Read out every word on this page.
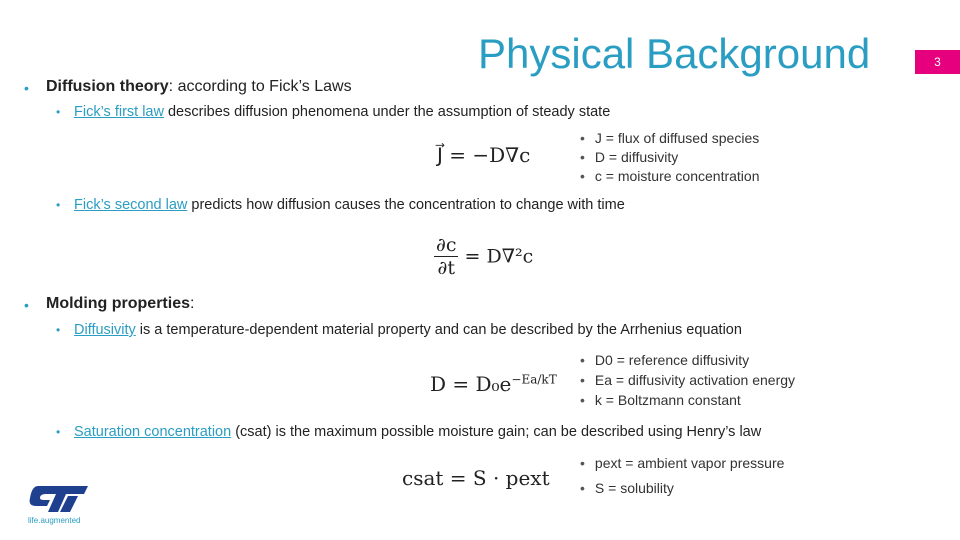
Physical Background	3
• Diffusion theory: according to Fick’s Laws
• Fick’s first law describes diffusion phenomena under the assumption of steady state
J⃗ = −D∇c
• J = flux of diffused species
• D = diffusivity
• c = moisture concentration
• Fick’s second law predicts how diffusion causes the concentration to change with time
$\frac{\partial c}{\partial t} = D\nabla^2c$
• Molding properties:
• Diffusivity is a temperature-dependent material property and can be described by the Arrhenius equation
$D = D_0e^{-Ea/kT}$
• D0 = reference diffusivity
• Ea = diffusivity activation energy
• k = Boltzmann constant
• Saturation concentration (csat) is the maximum possible moisture gain; can be described using Henry’s law
csat = S · pext
• pext = ambient vapor pressure
• S = solubility
life.augmented
